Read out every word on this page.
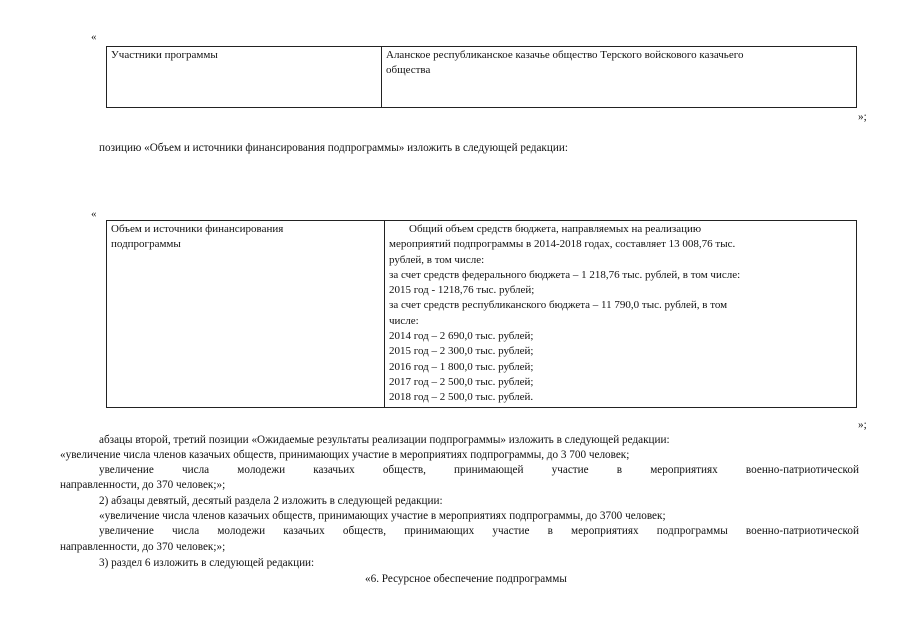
«
Участники программы	Аланское республиканское казачье общество Терского войскового казачьего
общества
»;
позицию «Объем и источники финансирования подпрограммы» изложить в следующей редакции:
«
Объем и источники финансирования
подпрограммы

Общий объем средств бюджета, направляемых на реализацию
мероприятий подпрограммы в 2014-2018 годах, составляет 13 008,76 тыс.
рублей, в том числе:
за счет средств федерального бюджета – 1 218,76 тыс. рублей, в том числе:
2015 год - 1218,76 тыс. рублей;
за счет средств республиканского бюджета – 11 790,0 тыс. рублей, в том
числе:
2014 год – 2 690,0 тыс. рублей;
2015 год – 2 300,0 тыс. рублей;
2016 год – 1 800,0 тыс. рублей;
2017 год – 2 500,0 тыс. рублей;
2018 год – 2 500,0 тыс. рублей.
»;
абзацы второй, третий позиции «Ожидаемые результаты реализации подпрограммы» изложить в следующей редакции:
«увеличение числа членов казачьих обществ, принимающих участие в мероприятиях подпрограммы, до 3 700 человек;
увеличение числа молодежи казачьих обществ, принимающей участие в мероприятиях военно-патриотической
направленности, до 370 человек;»;
2) абзацы девятый, десятый раздела 2 изложить в следующей редакции:
«увеличение числа членов казачьих обществ, принимающих участие в мероприятиях подпрограммы, до 3700 человек;
увеличение числа молодежи казачьих обществ, принимающих участие в мероприятиях подпрограммы военно-патриотической
направленности, до 370 человек;»;
3) раздел 6 изложить в следующей редакции:
«6. Ресурсное обеспечение подпрограммы
